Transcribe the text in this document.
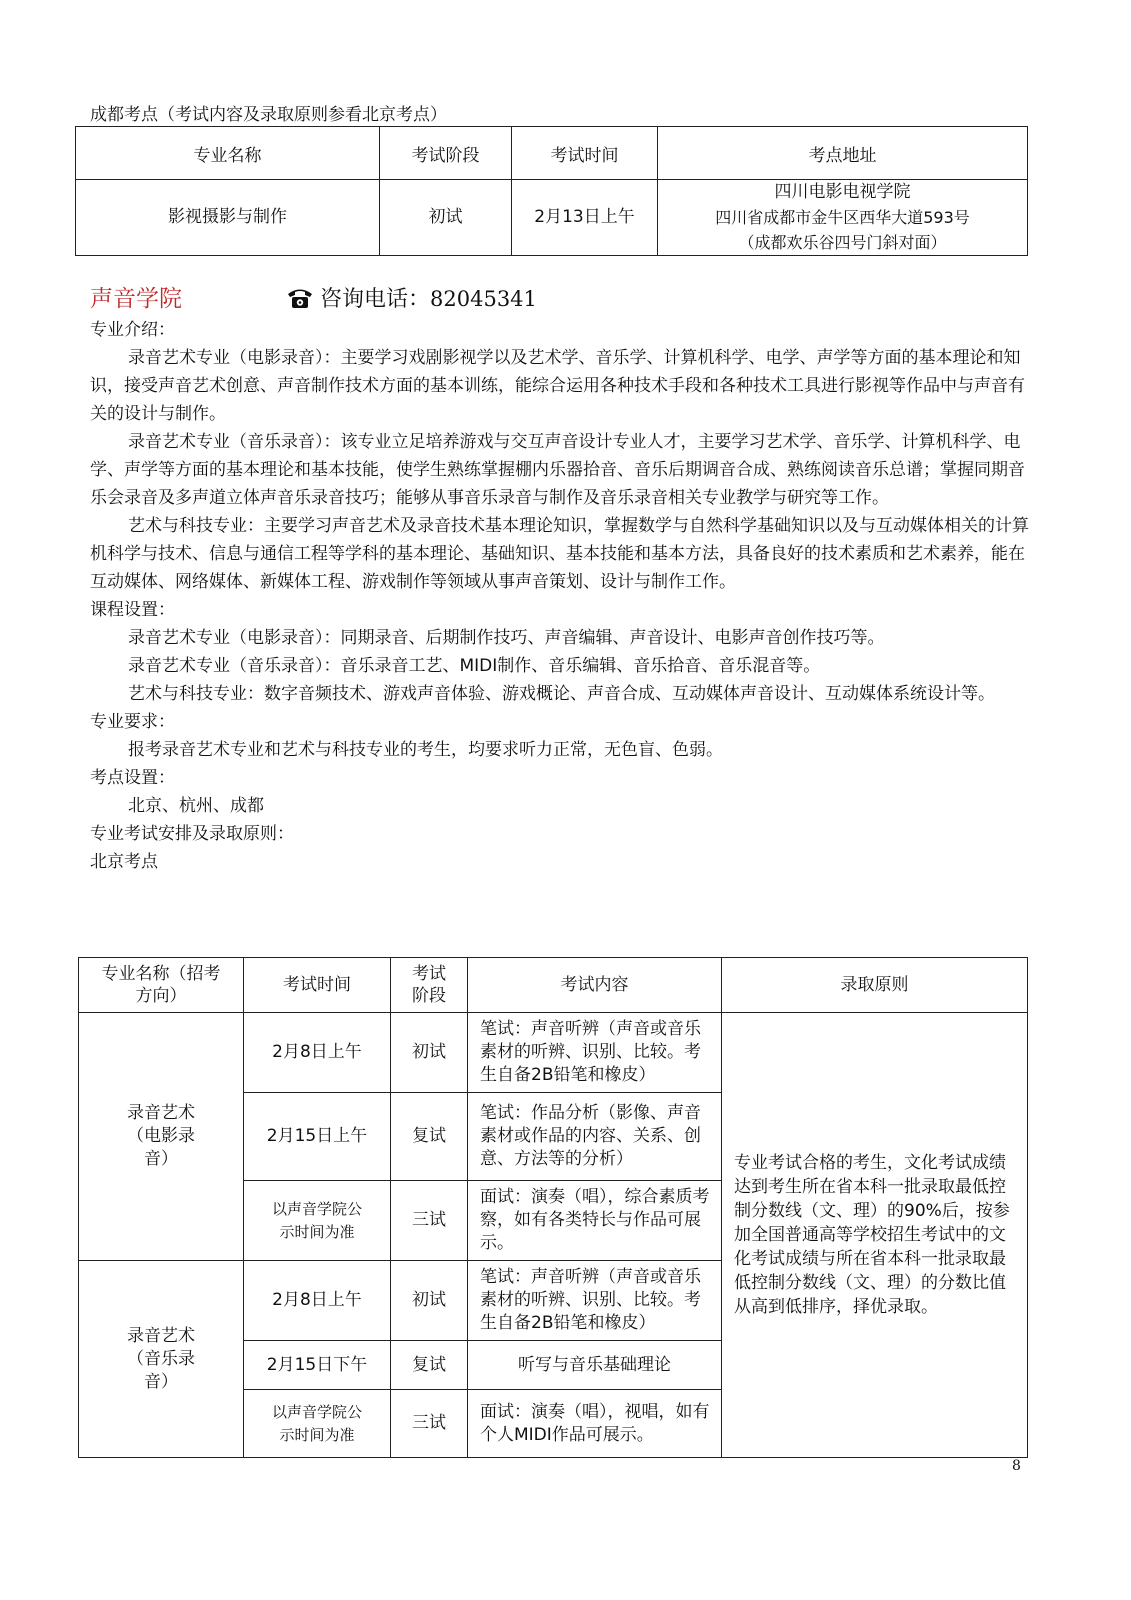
成都考点（考试内容及录取原则参看北京考点）
专业名称	考试阶段	考试时间	考点地址
影视摄影与制作	初试	2月13日上午	四川电影电视学院
四川省成都市金牛区西华大道593号
（成都欢乐谷四号门斜对面）
声音学院	咨询电话：82045341

专业介绍：

录音艺术专业（电影录音）：主要学习戏剧影视学以及艺术学、音乐学、计算机科学、电学、声学等方面的基本理论和知识，接受声音艺术创意、声音制作技术方面的基本训练，能综合运用各种技术手段和各种技术工具进行影视等作品中与声音有关的设计与制作。

录音艺术专业（音乐录音）：该专业立足培养游戏与交互声音设计专业人才，主要学习艺术学、音乐学、计算机科学、电学、声学等方面的基本理论和基本技能，使学生熟练掌握棚内乐器拾音、音乐后期调音合成、熟练阅读音乐总谱；掌握同期音乐会录音及多声道立体声音乐录音技巧；能够从事音乐录音与制作及音乐录音相关专业教学与研究等工作。

艺术与科技专业：主要学习声音艺术及录音技术基本理论知识，掌握数学与自然科学基础知识以及与互动媒体相关的计算机科学与技术、信息与通信工程等学科的基本理论、基础知识、基本技能和基本方法，具备良好的技术素质和艺术素养，能在互动媒体、网络媒体、新媒体工程、游戏制作等领域从事声音策划、设计与制作工作。

课程设置：

录音艺术专业（电影录音）：同期录音、后期制作技巧、声音编辑、声音设计、电影声音创作技巧等。

录音艺术专业（音乐录音）：音乐录音工艺、MIDI制作、音乐编辑、音乐拾音、音乐混音等。

艺术与科技专业：数字音频技术、游戏声音体验、游戏概论、声音合成、互动媒体声音设计、互动媒体系统设计等。

专业要求：

报考录音艺术专业和艺术与科技专业的考生，均要求听力正常，无色盲、色弱。

考点设置：

北京、杭州、成都

专业考试安排及录取原则：

北京考点

专业名称（招考方向）	考试时间	考试阶段	考试内容	录取原则
录音艺术（电影录音）	2月8日上午	初试	笔试：声音听辨（声音或音乐素材的听辨、识别、比较。考生自备2B铅笔和橡皮）	专业考试合格的考生，文化考试成绩达到考生所在省本科一批录取最低控制分数线（文、理）的90%后，按参加全国普通高等学校招生考试中的文化考试成绩与所在省本科一批录取最低控制分数线（文、理）的分数比值从高到低排序，择优录取。
	2月15日上午	复试	笔试：作品分析（影像、声音素材或作品的内容、关系、创意、方法等的分析）	
	以声音学院公示时间为准	三试	面试：演奏（唱），综合素质考察，如有各类特长与作品可展示。	
录音艺术（音乐录音）	2月8日上午	初试	笔试：声音听辨（声音或音乐素材的听辨、识别、比较。考生自备2B铅笔和橡皮）	
	2月15日下午	复试	听写与音乐基础理论	
	以声音学院公示时间为准	三试	面试：演奏（唱），视唱，如有个人MIDI作品可展示。	
8
